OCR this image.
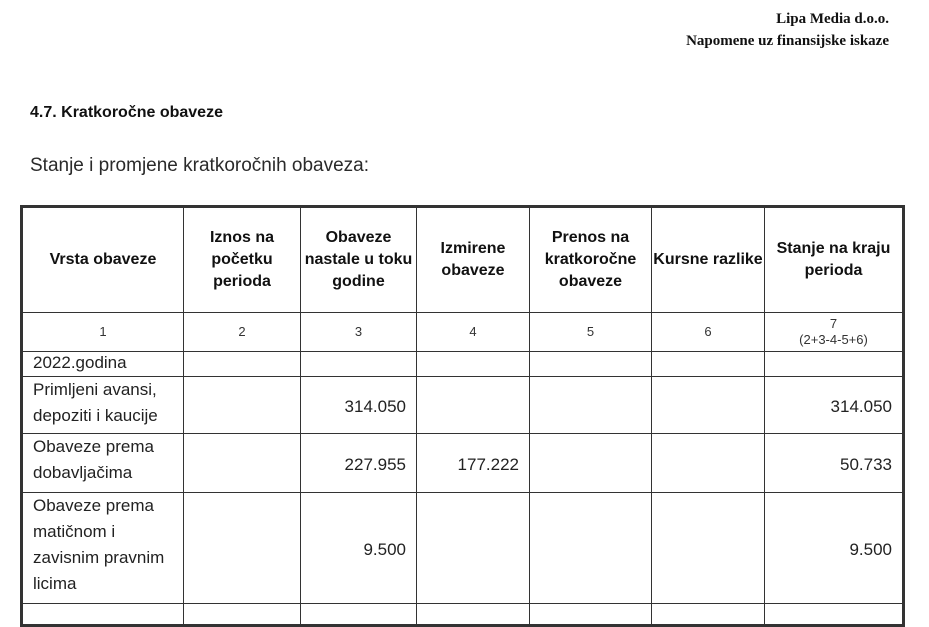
Lipa Media d.o.o.
Napomene uz finansijske iskaze
4.7. Kratkoročne obaveze
Stanje i promjene kratkoročnih obaveza:
Vrsta obaveze	Iznos na početku perioda	Obaveze nastale u toku godine	Izmirene obaveze	Prenos na kratkoročne obaveze	Kursne razlike	Stanje na kraju perioda
1	2	3	4	5	6	7
(2+3-4-5+6)

2022.godina						
Primljeni avansi, depoziti i kaucije		314.050				314.050
Obaveze prema dobavljačima		227.955	177.222			50.733
Obaveze prema matičnom i zavisnim pravnim licima		9.500				9.500
